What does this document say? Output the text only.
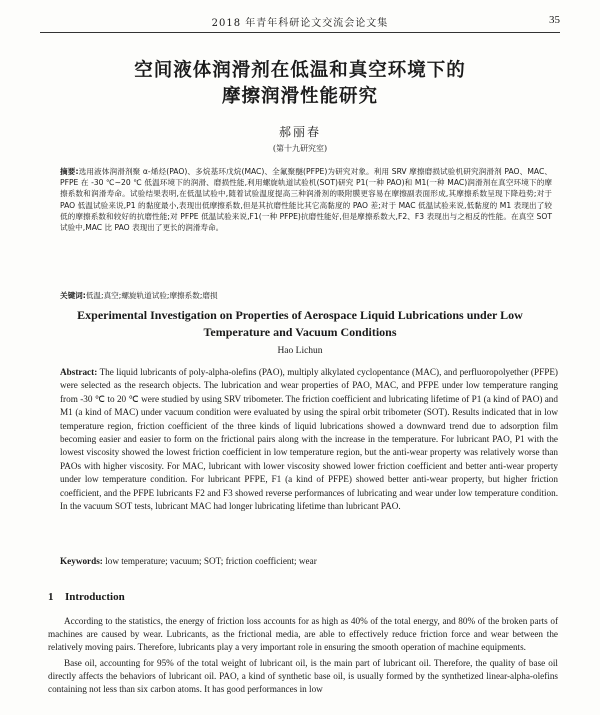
2018 年青年科研论文交流会论文集	35
空间液体润滑剂在低温和真空环境下的
摩擦润滑性能研究
郝丽春
(第十九研究室)
摘要:选用液体润滑剂聚 α-烯烃(PAO)、多烷基环戊烷(MAC)、全氟聚醚(PFPE)为研究对象。利用 SRV 摩擦磨损试验机研究润滑剂 PAO、MAC、PFPE 在 -30 ℃~20 ℃ 低温环境下的润滑、磨损性能,利用螺旋轨道试验机(SOT)研究 P1(一种 PAO)和 M1(一种 MAC)润滑剂在真空环境下的摩擦系数和润滑寿命。试验结果表明,在低温试验中,随着试验温度提高三种润滑剂的吸附膜更容易在摩擦副表面形成,其摩擦系数呈现下降趋势;对于 PAO 低温试验来说,P1 的黏度最小,表现出低摩擦系数,但是其抗磨性能比其它高黏度的 PAO 差;对于 MAC 低温试验来说,低黏度的 M1 表现出了较低的摩擦系数和较好的抗磨性能;对 PFPE 低温试验来说,F1(一种 PFPE)抗磨性能好,但是摩擦系数大,F2、F3 表现出与之相反的性能。在真空 SOT 试验中,MAC 比 PAO 表现出了更长的润滑寿命。
关键词:低温;真空;螺旋轨道试验;摩擦系数;磨损
Experimental Investigation on Properties of Aerospace Liquid Lubrications under Low
Temperature and Vacuum Conditions
Hao Lichun
Abstract: The liquid lubricants of poly-alpha-olefins (PAO), multiply alkylated cyclopentance (MAC), and perfluoropolyether (PFPE) were selected as the research objects. The lubrication and wear properties of PAO, MAC, and PFPE under low temperature ranging from -30 ℃ to 20 ℃ were studied by using SRV tribometer. The friction coefficient and lubricating lifetime of P1 (a kind of PAO) and M1 (a kind of MAC) under vacuum condition were evaluated by using the spiral orbit tribometer (SOT). Results indicated that in low temperature region, friction coefficient of the three kinds of liquid lubrications showed a downward trend due to adsorption film becoming easier and easier to form on the frictional pairs along with the increase in the temperature. For lubricant PAO, P1 with the lowest viscosity showed the lowest friction coefficient in low temperature region, but the anti-wear property was relatively worse than PAOs with higher viscosity. For MAC, lubricant with lower viscosity showed lower friction coefficient and better anti-wear property under low temperature condition. For lubricant PFPE, F1 (a kind of PFPE) showed better anti-wear property, but higher friction coefficient, and the PFPE lubricants F2 and F3 showed reverse performances of lubricating and wear under low temperature condition. In the vacuum SOT tests, lubricant MAC had longer lubricating lifetime than lubricant PAO.
Keywords: low temperature; vacuum; SOT; friction coefficient; wear
1 Introduction

According to the statistics, the energy of friction loss accounts for as high as 40% of the total energy, and 80% of the broken parts of machines are caused by wear. Lubricants, as the frictional media, are able to effectively reduce friction force and wear between the relatively moving pairs. Therefore, lubricants play a very important role in ensuring the smooth operation of machine equipments.

Base oil, accounting for 95% of the total weight of lubricant oil, is the main part of lubricant oil. Therefore, the quality of base oil directly affects the behaviors of lubricant oil. PAO, a kind of synthetic base oil, is usually formed by the synthetized linear-alpha-olefins containing not less than six carbon atoms. It has good performances in low
